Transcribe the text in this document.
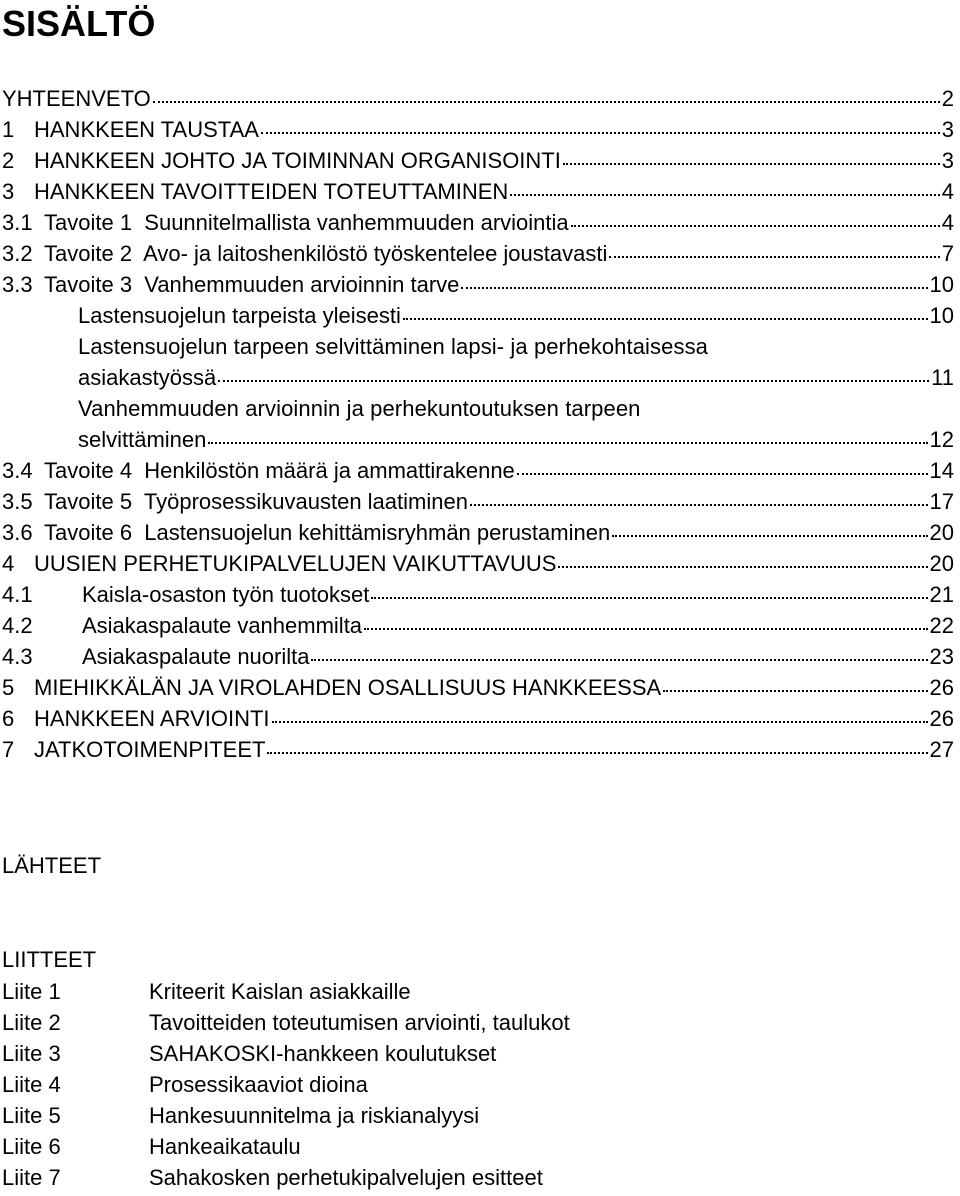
SISÄLTÖ
YHTEENVETO	2
1 HANKKEEN TAUSTAA	3
2 HANKKEEN JOHTO JA TOIMINNAN ORGANISOINTI	3
3 HANKKEEN TAVOITTEIDEN TOTEUTTAMINEN	4
3.1 Tavoite 1  Suunnitelmallista vanhemmuuden arviointia	4
3.2 Tavoite 2  Avo- ja laitoshenkilöstö työskentelee joustavasti	7
3.3 Tavoite 3  Vanhemmuuden arvioinnin tarve	10
Lastensuojelun tarpeista yleisesti	10
Lastensuojelun tarpeen selvittäminen lapsi- ja perhekohtaisessa
asiakastyössä	11
Vanhemmuuden arvioinnin ja perhekuntoutuksen tarpeen
selvittäminen	12
3.4 Tavoite 4  Henkilöstön määrä ja ammattirakenne	14
3.5 Tavoite 5  Työprosessikuvausten laatiminen	17
3.6 Tavoite 6  Lastensuojelun kehittämisryhmän perustaminen	20
4 UUSIEN PERHETUKIPALVELUJEN VAIKUTTAVUUS	20
4.1	Kaisla-osaston työn tuotokset	21
4.2	Asiakaspalaute vanhemmilta	22
4.3	Asiakaspalaute nuorilta	23
5 MIEHIKKÄLÄN JA VIROLAHDEN OSALLISUUS HANKKEESSA	26
6 HANKKEEN ARVIOINTI	26
7 JATKOTOIMENPITEET	27
LÄHTEET
LIITTEET
Liite 1	Kriteerit Kaislan asiakkaille
Liite 2	Tavoitteiden toteutumisen arviointi, taulukot
Liite 3	SAHAKOSKI-hankkeen koulutukset
Liite 4	Prosessikaaviot dioina
Liite 5	Hankesuunnitelma ja riskianalyysi
Liite 6	Hankeaikataulu
Liite 7	Sahakosken perhetukipalvelujen esitteet
